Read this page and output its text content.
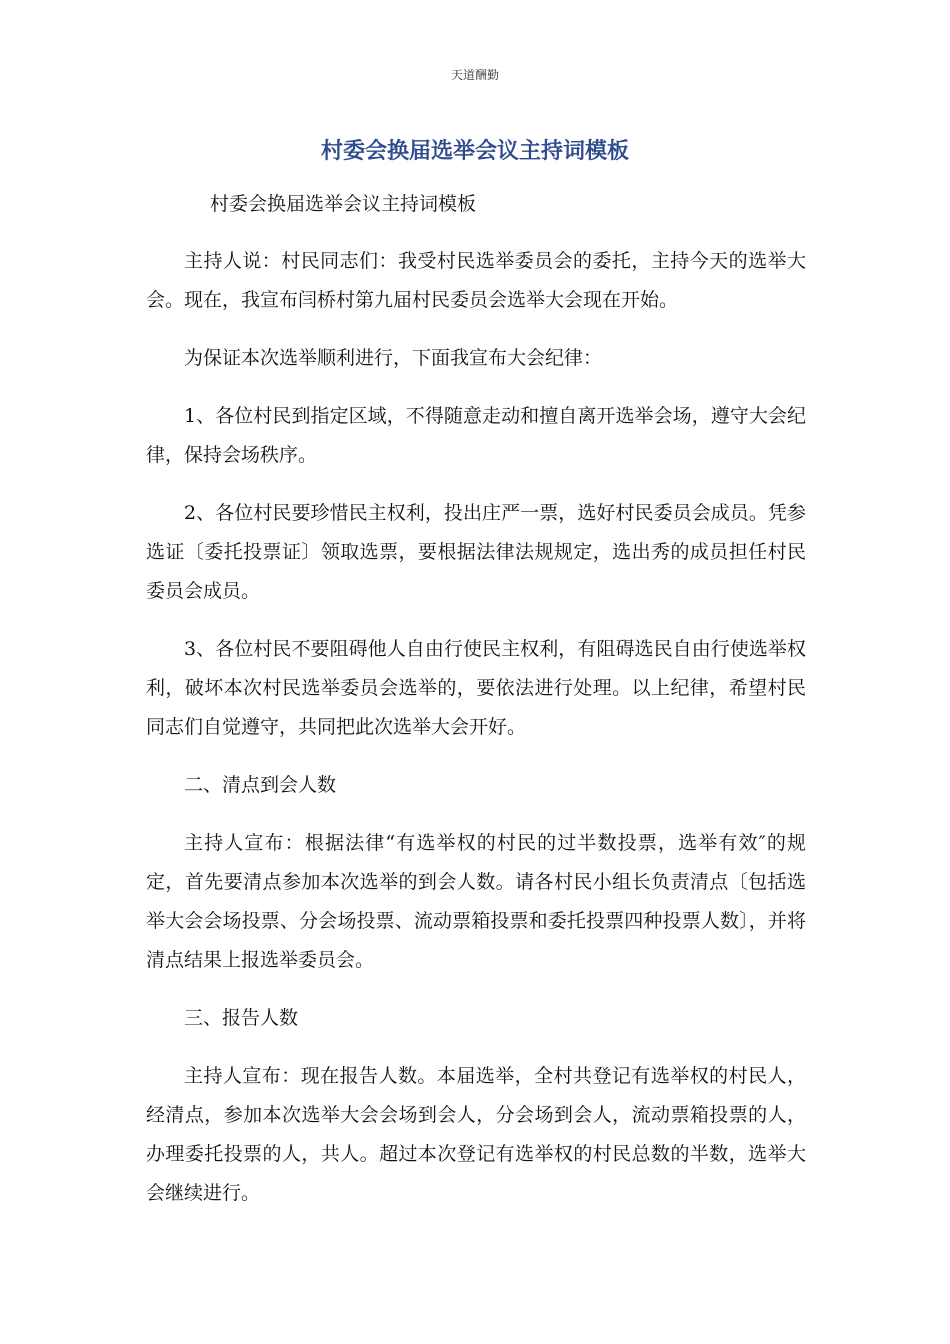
天道酬勤
村委会换届选举会议主持词模板

村委会换届选举会议主持词模板

主持人说：村民同志们：我受村民选举委员会的委托，主持今天的选举大会。现在，我宣布闫桥村第九届村民委员会选举大会现在开始。

为保证本次选举顺利进行，下面我宣布大会纪律：

1、各位村民到指定区域，不得随意走动和擅自离开选举会场，遵守大会纪律，保持会场秩序。

2、各位村民要珍惜民主权利，投出庄严一票，选好村民委员会成员。凭参选证〔委托投票证〕领取选票，要根据法律法规规定，选出秀的成员担任村民委员会成员。

3、各位村民不要阻碍他人自由行使民主权利，有阻碍选民自由行使选举权利，破坏本次村民选举委员会选举的，要依法进行处理。以上纪律，希望村民同志们自觉遵守，共同把此次选举大会开好。

二、清点到会人数

主持人宣布：根据法律“有选举权的村民的过半数投票，选举有效″的规定，首先要清点参加本次选举的到会人数。请各村民小组长负责清点〔包括选举大会会场投票、分会场投票、流动票箱投票和委托投票四种投票人数〕，并将清点结果上报选举委员会。

三、报告人数

主持人宣布：现在报告人数。本届选举，全村共登记有选举权的村民人，经清点，参加本次选举大会会场到会人，分会场到会人，流动票箱投票的人，办理委托投票的人，共人。超过本次登记有选举权的村民总数的半数，选举大会继续进行。
